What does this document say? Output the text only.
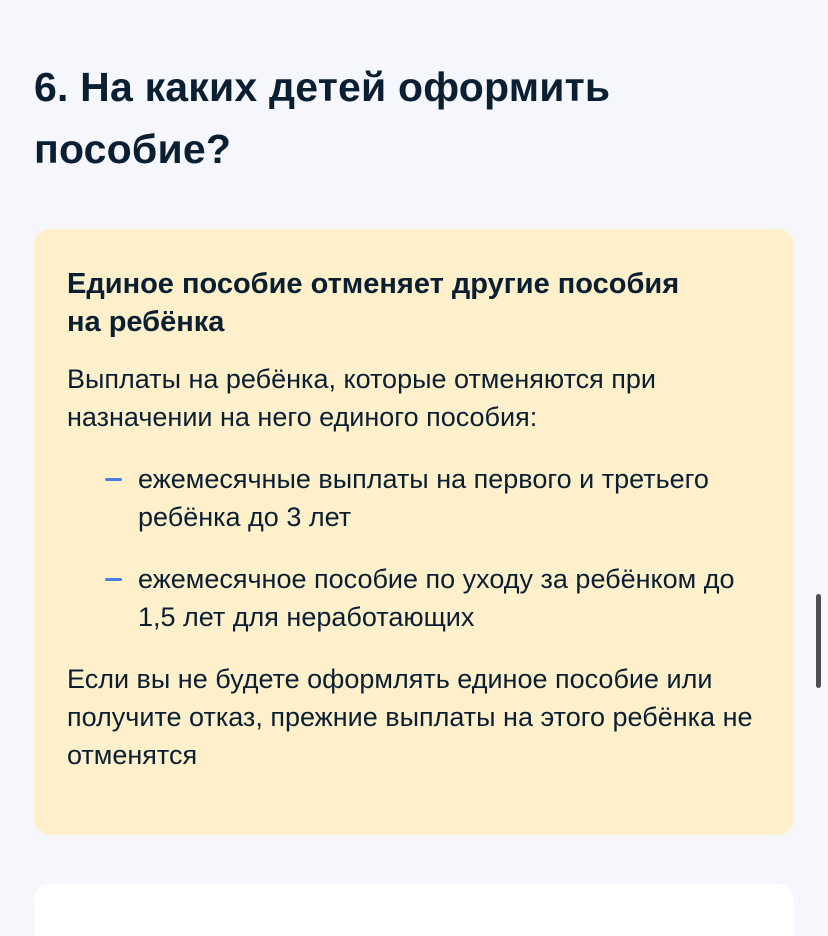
6. На каких детей оформить пособие?
Единое пособие отменяет другие пособия на ребёнка

Выплаты на ребёнка, которые отменяются при назначении на него единого пособия:

ежемесячные выплаты на первого и третьего ребёнка до 3 лет
ежемесячное пособие по уходу за ребёнком до 1,5 лет для неработающих

Если вы не будете оформлять единое пособие или получите отказ, прежние выплаты на этого ребёнка не отменятся
